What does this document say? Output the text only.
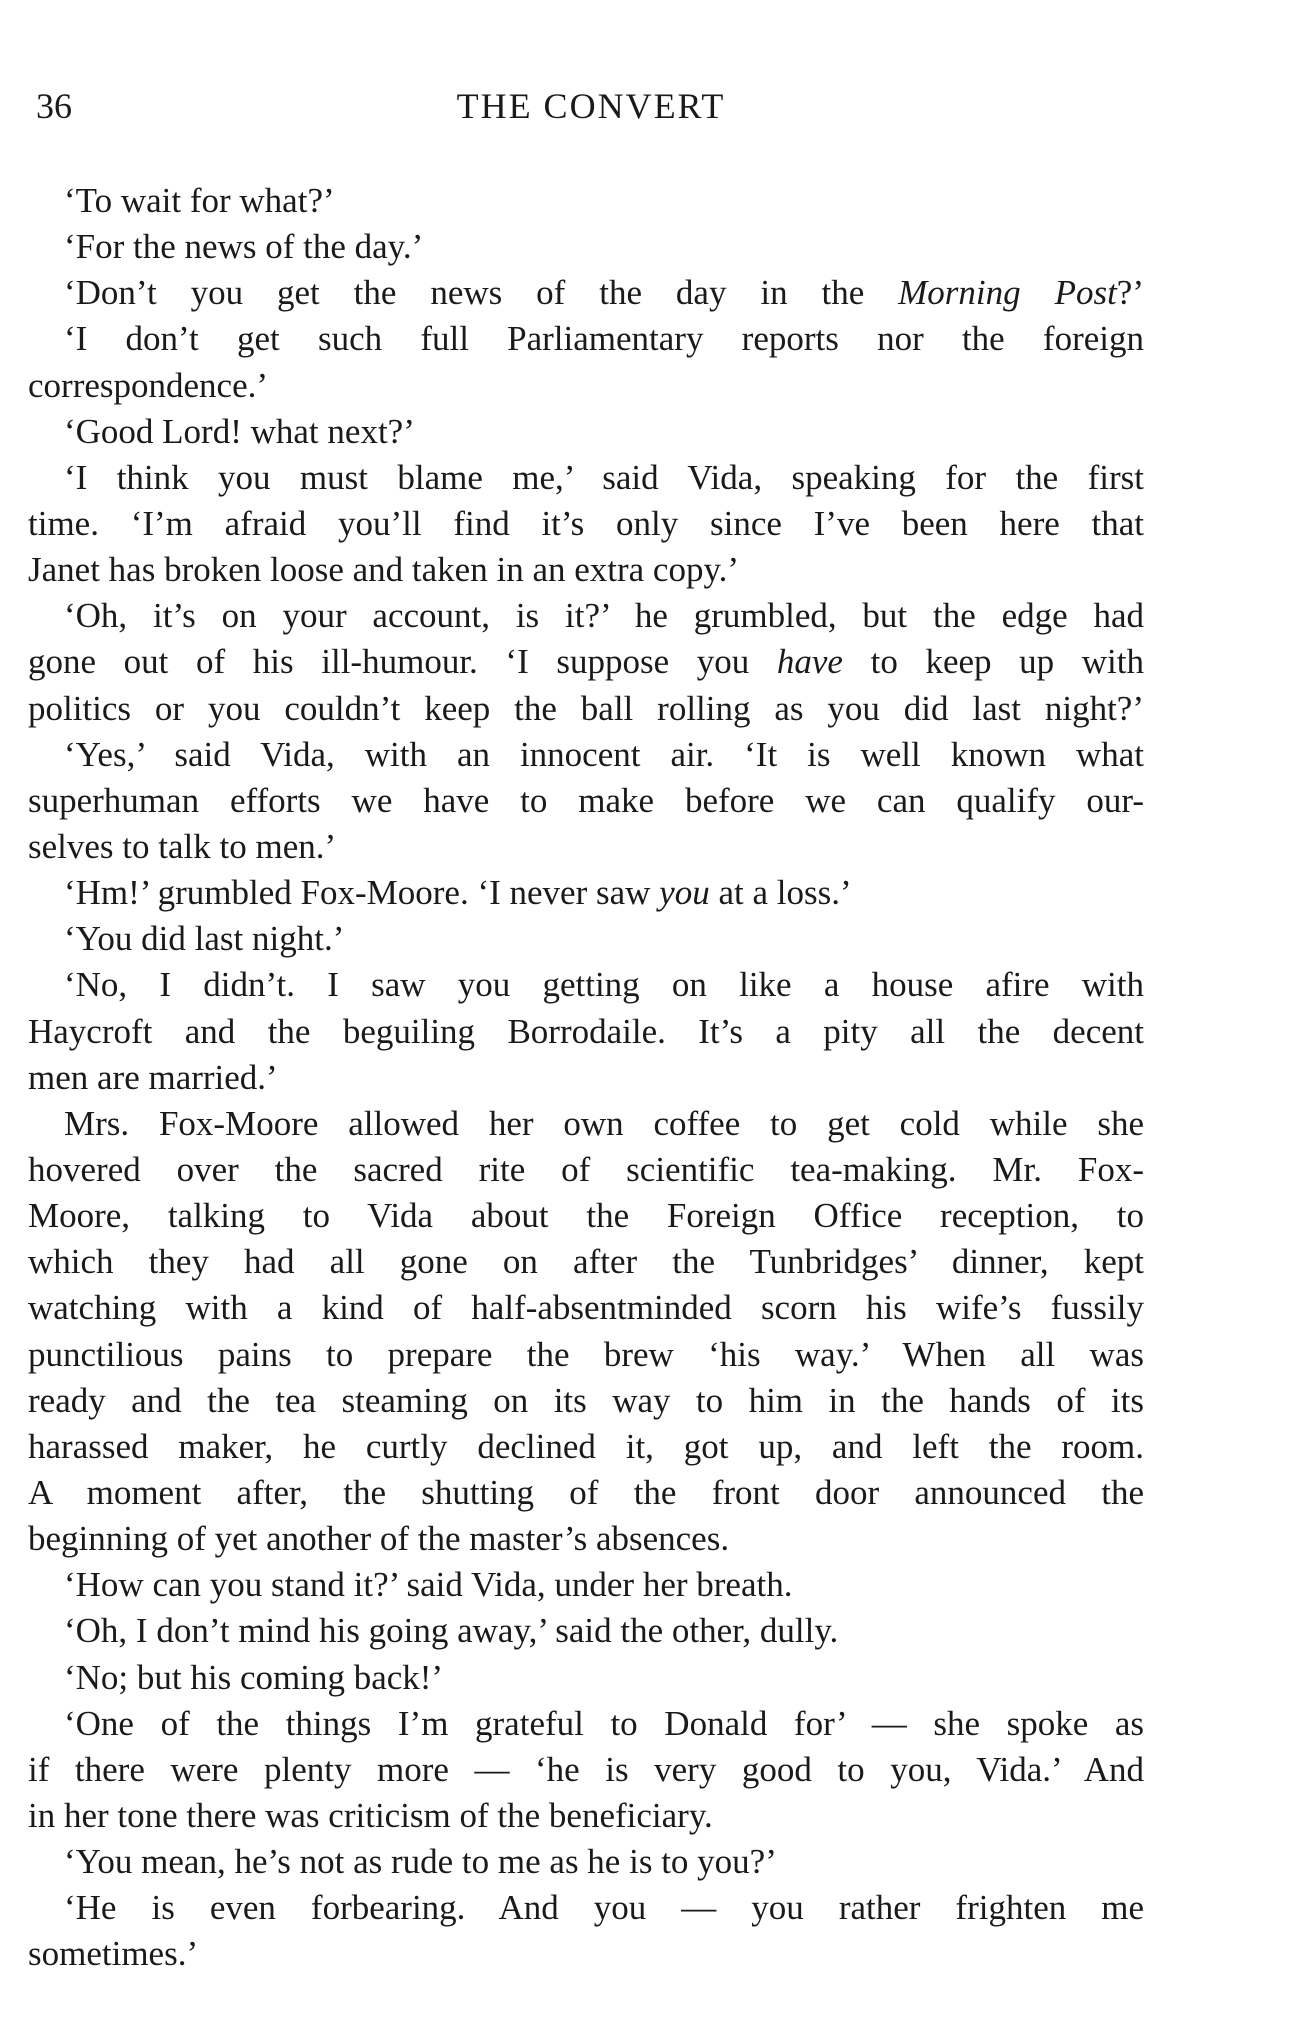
36	THE CONVERT
‘To wait for what?’
‘For the news of the day.’
‘Don’t you get the news of the day in the Morning Post?’
‘I don’t get such full Parliamentary reports nor the foreign
correspondence.’
‘Good Lord! what next?’
‘I think you must blame me,’ said Vida, speaking for the first
time. ‘I’m afraid you’ll find it’s only since I’ve been here that
Janet has broken loose and taken in an extra copy.’
‘Oh, it’s on your account, is it?’ he grumbled, but the edge had
gone out of his ill-humour. ‘I suppose you have to keep up with
politics or you couldn’t keep the ball rolling as you did last night?’
‘Yes,’ said Vida, with an innocent air. ‘It is well known what
superhuman efforts we have to make before we can qualify our-
selves to talk to men.’
‘Hm!’ grumbled Fox-Moore. ‘I never saw you at a loss.’
‘You did last night.’
‘No, I didn’t. I saw you getting on like a house afire with
Haycroft and the beguiling Borrodaile. It’s a pity all the decent
men are married.’
Mrs. Fox-Moore allowed her own coffee to get cold while she
hovered over the sacred rite of scientific tea-making. Mr. Fox-
Moore, talking to Vida about the Foreign Office reception, to
which they had all gone on after the Tunbridges’ dinner, kept
watching with a kind of half-absentminded scorn his wife’s fussily
punctilious pains to prepare the brew ‘his way.’ When all was
ready and the tea steaming on its way to him in the hands of its
harassed maker, he curtly declined it, got up, and left the room.
A moment after, the shutting of the front door announced the
beginning of yet another of the master’s absences.
‘How can you stand it?’ said Vida, under her breath.
‘Oh, I don’t mind his going away,’ said the other, dully.
‘No; but his coming back!’
‘One of the things I’m grateful to Donald for’ — she spoke as
if there were plenty more — ‘he is very good to you, Vida.’ And
in her tone there was criticism of the beneficiary.
‘You mean, he’s not as rude to me as he is to you?’
‘He is even forbearing. And you — you rather frighten me
sometimes.’
